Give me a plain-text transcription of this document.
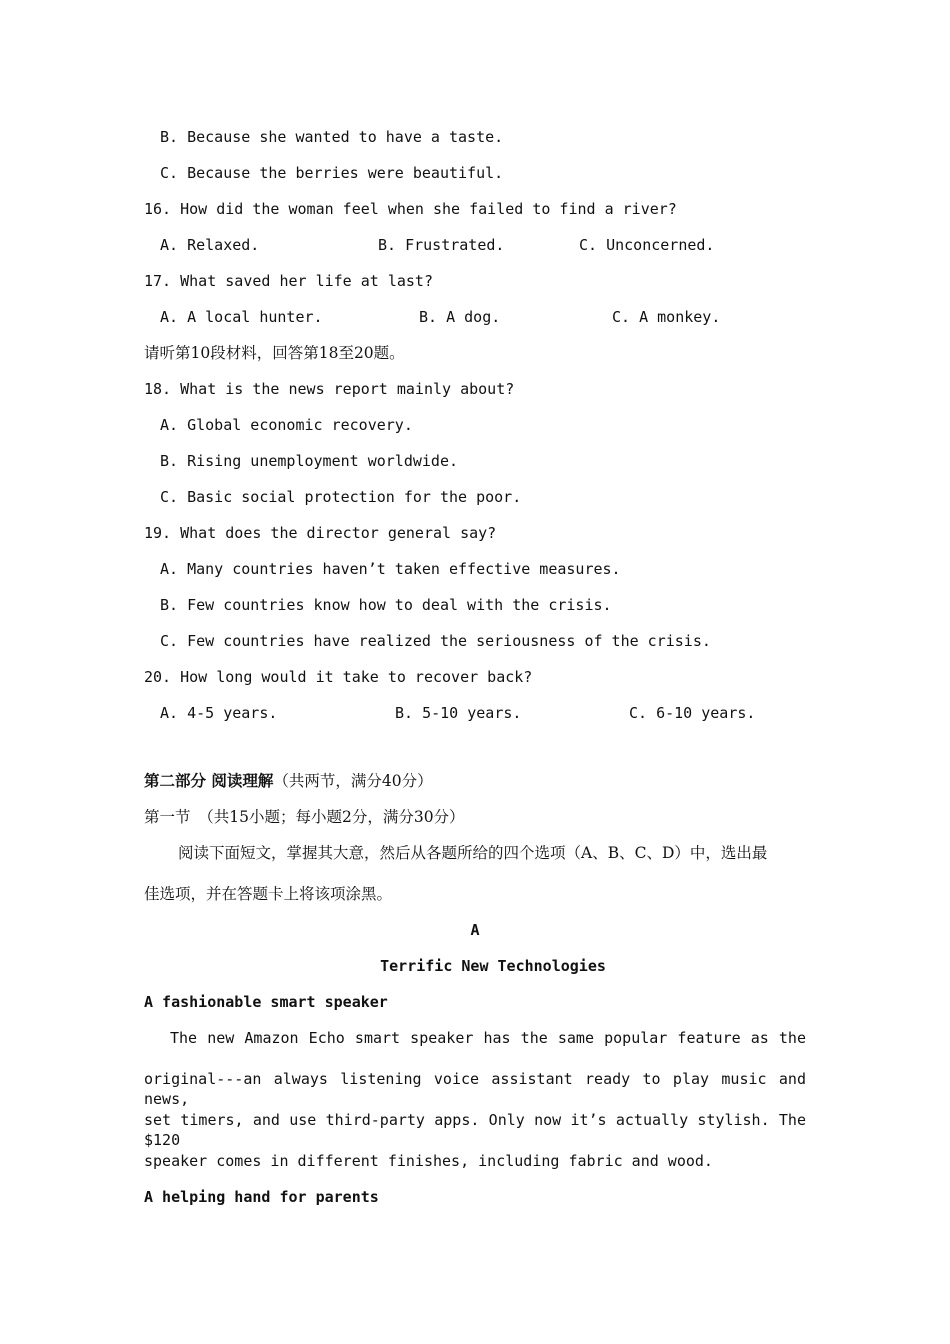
B. Because she wanted to have a taste.
C. Because the berries were beautiful.
16. How did the woman feel when she failed to find a river?
A. Relaxed.	B. Frustrated.	C. Unconcerned.
17. What saved her life at last?
A. A local hunter.	B. A dog.	C. A monkey.
请听第10段材料，回答第18至20题。
18. What is the news report mainly about?
A. Global economic recovery.
B. Rising unemployment worldwide.
C. Basic social protection for the poor.
19. What does the director general say?
A. Many countries haven’t taken effective measures.
B. Few countries know how to deal with the crisis.
C. Few countries have realized the seriousness of the crisis.
20. How long would it take to recover back?
A. 4-5 years.	B. 5-10 years.	C. 6-10 years.
第二部分 阅读理解（共两节，满分40分）
第一节　（共15小题；每小题2分，满分30分）
阅读下面短文，掌握其大意，然后从各题所给的四个选项（A、B、C、D）中，选出最
佳选项，并在答题卡上将该项涂黑。
A
Terrific New Technologies
A fashionable smart speaker
The new Amazon Echo smart speaker has the same popular feature as the
original---an always listening voice assistant ready to play music and news,
set timers, and use third-party apps. Only now it’s actually stylish. The $120
speaker comes in different finishes, including fabric and wood.
A helping hand for parents
